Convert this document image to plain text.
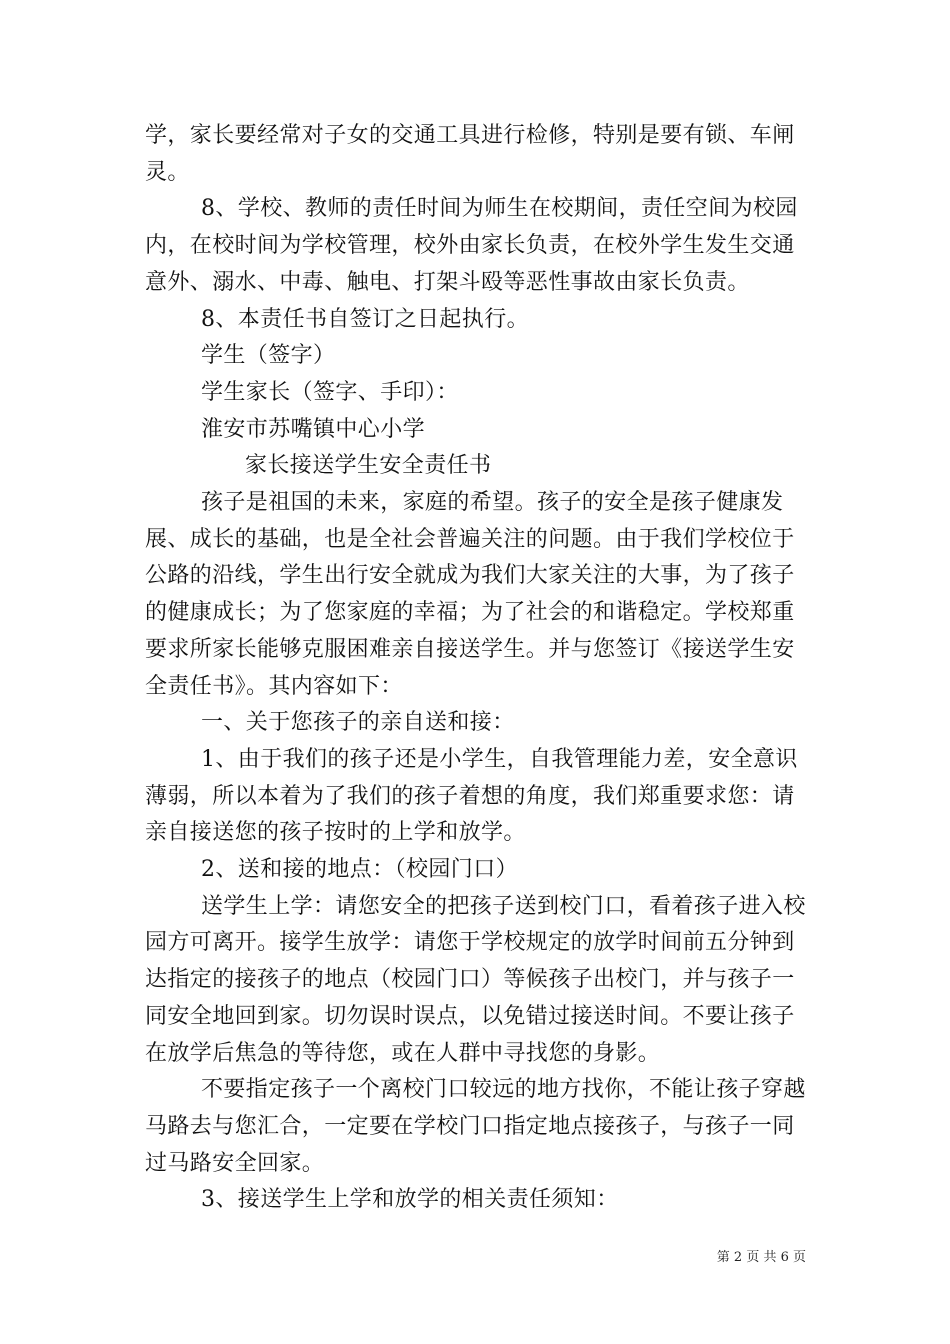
学，家长要经常对子女的交通工具进行检修，特别是要有锁、车闸灵。

8、学校、教师的责任时间为师生在校期间，责任空间为校园内，在校时间为学校管理，校外由家长负责，在校外学生发生交通意外、溺水、中毒、触电、打架斗殴等恶性事故由家长负责。

8、本责任书自签订之日起执行。

学生（签字）

学生家长（签字、手印）：

淮安市苏嘴镇中心小学

家长接送学生安全责任书

孩子是祖国的未来，家庭的希望。孩子的安全是孩子健康发展、成长的基础，也是全社会普遍关注的问题。由于我们学校位于公路的沿线，学生出行安全就成为我们大家关注的大事，为了孩子的健康成长；为了您家庭的幸福；为了社会的和谐稳定。学校郑重要求所家长能够克服困难亲自接送学生。并与您签订《接送学生安全责任书》。其内容如下：

一、关于您孩子的亲自送和接：

1、由于我们的孩子还是小学生，自我管理能力差，安全意识薄弱，所以本着为了我们的孩子着想的角度，我们郑重要求您：请亲自接送您的孩子按时的上学和放学。

2、送和接的地点：（校园门口）

送学生上学：请您安全的把孩子送到校门口，看着孩子进入校园方可离开。接学生放学：请您于学校规定的放学时间前五分钟到达指定的接孩子的地点（校园门口）等候孩子出校门，并与孩子一同安全地回到家。切勿误时误点，以免错过接送时间。不要让孩子在放学后焦急的等待您，或在人群中寻找您的身影。

不要指定孩子一个离校门口较远的地方找你，不能让孩子穿越马路去与您汇合，一定要在学校门口指定地点接孩子，与孩子一同过马路安全回家。

3、接送学生上学和放学的相关责任须知：

第 2 页 共 6 页
